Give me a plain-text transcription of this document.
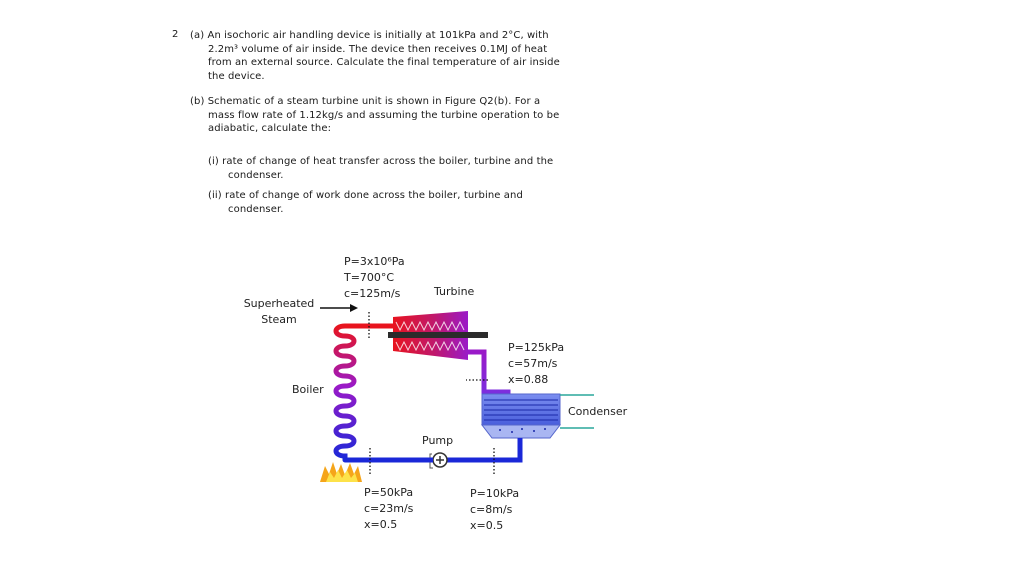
2 (a) An isochoric air handling device is initially at 101kPa and 2°C, with
2.2m³ volume of air inside. The device then receives 0.1MJ of heat
from an external source. Calculate the final temperature of air inside
the device.
(b) Schematic of a steam turbine unit is shown in Figure Q2(b). For a
mass flow rate of 1.12kg/s and assuming the turbine operation to be
adiabatic, calculate the:
(i) rate of change of heat transfer across the boiler, turbine and the
condenser.
(ii) rate of change of work done across the boiler, turbine and
condenser.
P=3x10⁶Pa
T=700°C
c=125m/s
Superheated
Steam
Turbine
P=125kPa
c=57m/s
x=0.88
Condenser
Boiler
Pump
P=50kPa
c=23m/s
x=0.5
P=10kPa
c=8m/s
x=0.5
